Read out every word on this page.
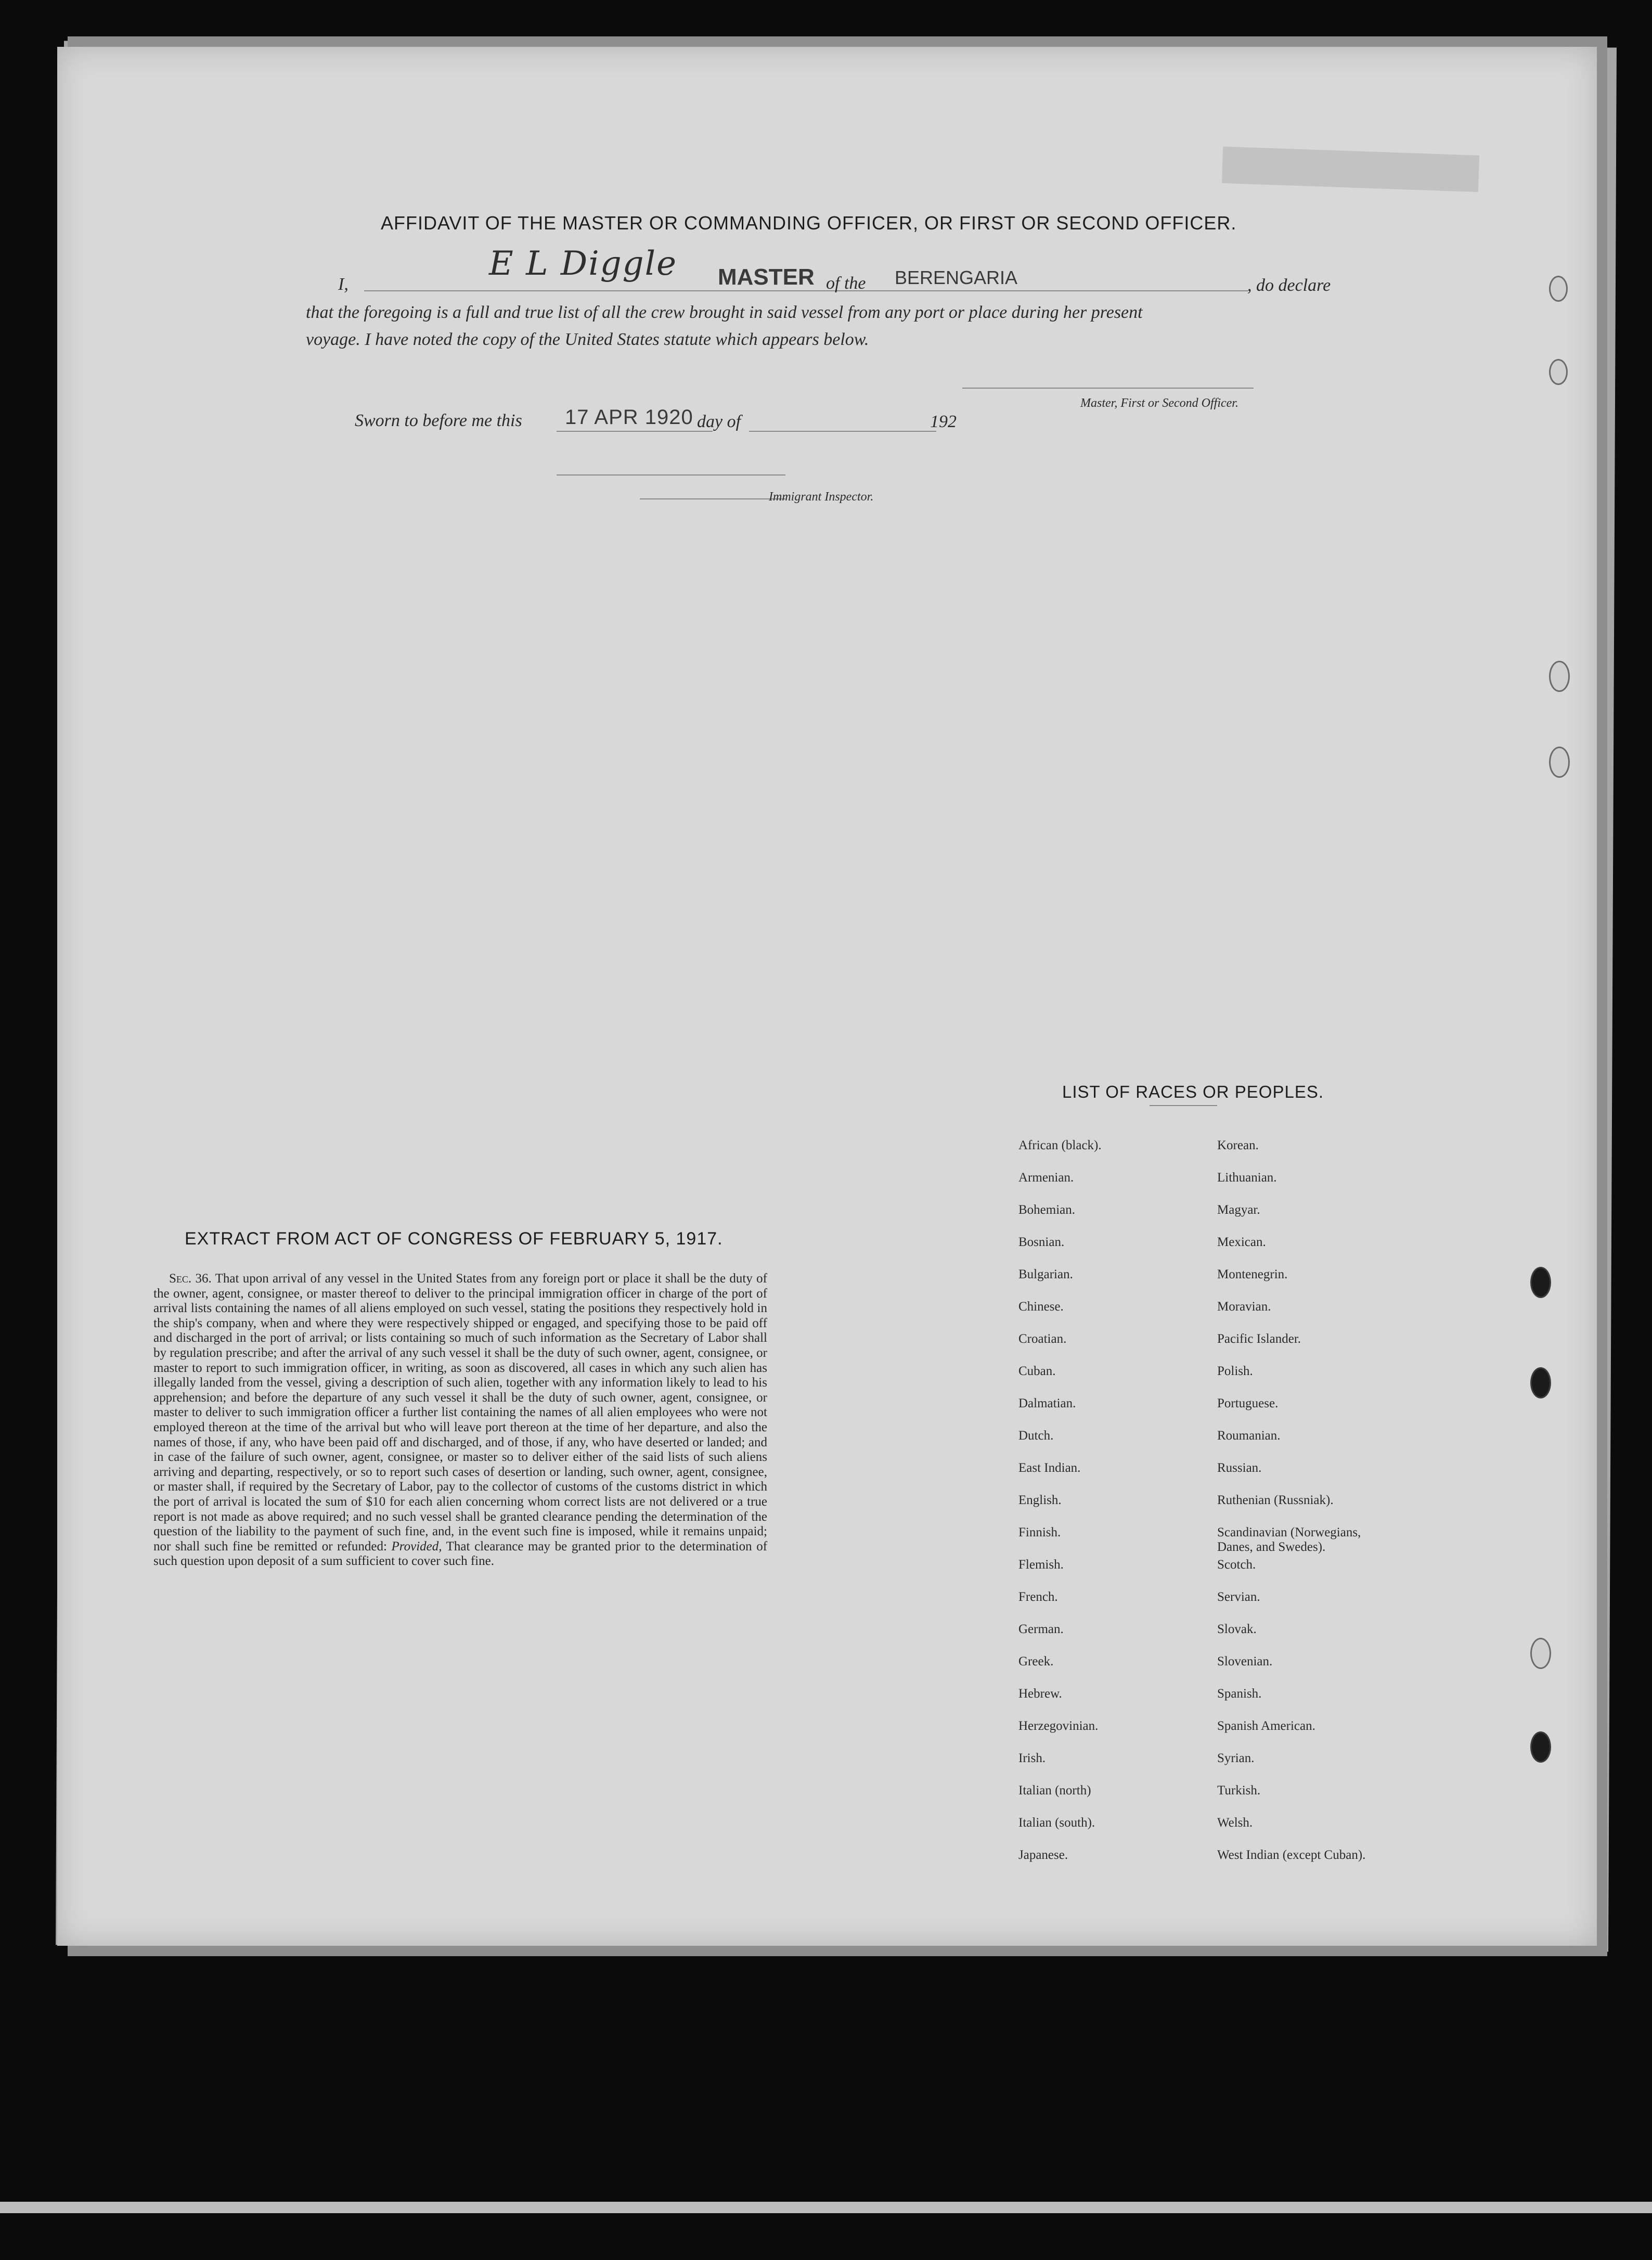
████████████
AFFIDAVIT OF THE MASTER OR COMMANDING OFFICER, OR FIRST OR SECOND OFFICER.
I,
E L Diggle MASTER of the BERENGARIA	, do declare
that the foregoing is a full and true list of all the crew brought in said vessel from any port or place during her present
voyage. I have noted the copy of the United States statute which appears below.
Master, First or Second Officer.
Sworn to before me this 17 APR 1920 day of	192
Immigrant Inspector.
EXTRACT FROM ACT OF CONGRESS OF FEBRUARY 5, 1917.

Sec. 36. That upon arrival of any vessel in the United States from any foreign port or place it shall be the duty of the owner, agent, consignee, or master thereof to deliver to the principal immigration officer in charge of the port of arrival lists containing the names of all aliens employed on such vessel, stating the positions they respectively hold in the ship's company, when and where they were respectively shipped or engaged, and specifying those to be paid off and discharged in the port of arrival; or lists containing so much of such information as the Secretary of Labor shall by regulation prescribe; and after the arrival of any such vessel it shall be the duty of such owner, agent, consignee, or master to report to such immigration officer, in writing, as soon as discovered, all cases in which any such alien has illegally landed from the vessel, giving a description of such alien, together with any information likely to lead to his apprehension; and before the departure of any such vessel it shall be the duty of such owner, agent, consignee, or master to deliver to such immigration officer a further list containing the names of all alien employees who were not employed thereon at the time of the arrival but who will leave port thereon at the time of her departure, and also the names of those, if any, who have been paid off and discharged, and of those, if any, who have deserted or landed; and in case of the failure of such owner, agent, consignee, or master so to deliver either of the said lists of such aliens arriving and departing, respectively, or so to report such cases of desertion or landing, such owner, agent, consignee, or master shall, if required by the Secretary of Labor, pay to the collector of customs of the customs district in which the port of arrival is located the sum of $10 for each alien concerning whom correct lists are not delivered or a true report is not made as above required; and no such vessel shall be granted clearance pending the determination of the question of the liability to the payment of such fine, and, in the event such fine is imposed, while it remains unpaid; nor shall such fine be remitted or refunded: Provided, That clearance may be granted prior to the determination of such question upon deposit of a sum sufficient to cover such fine.

LIST OF RACES OR PEOPLES.
African (black).	Korean.
Armenian.	Lithuanian.
Bohemian.	Magyar.
Bosnian.	Mexican.
Bulgarian.	Montenegrin.
Chinese.	Moravian.
Croatian.	Pacific Islander.
Cuban.	Polish.
Dalmatian.	Portuguese.
Dutch.	Roumanian.
East Indian.	Russian.
English.	Ruthenian (Russniak).
Finnish.	Scandinavian (Norwegians,
Danes, and Swedes).
Flemish.	Scotch.
French.	Servian.
German.	Slovak.
Greek.	Slovenian.
Hebrew.	Spanish.
Herzegovinian.	Spanish American.
Irish.	Syrian.
Italian (north)	Turkish.
Italian (south).	Welsh.
Japanese.	West Indian (except Cuban).
